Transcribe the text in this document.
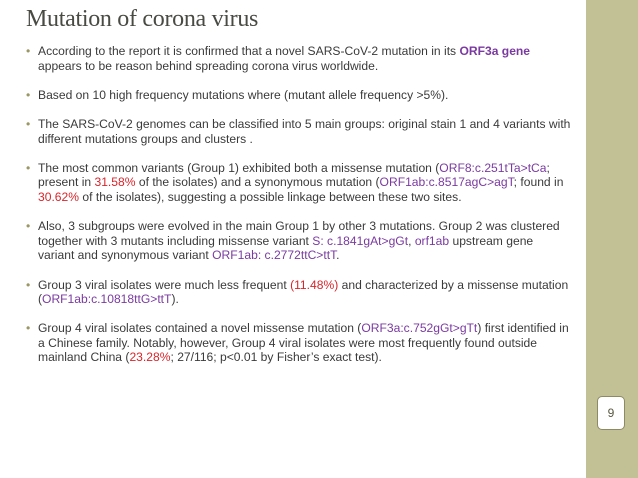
Mutation of corona virus
• According to the report it is confirmed that a novel SARS-CoV-2 mutation in its ORF3a gene appears to be reason behind spreading corona virus worldwide.
• Based on 10 high frequency mutations where (mutant allele frequency >5%).
• The SARS-CoV-2 genomes can be classified into 5 main groups: original stain 1 and 4 variants with different mutations groups and clusters .
• The most common variants (Group 1) exhibited both a missense mutation (ORF8:c.251tTa>tCa; present in 31.58% of the isolates) and a synonymous mutation (ORF1ab:c.8517agC>agT; found in 30.62% of the isolates), suggesting a possible linkage between these two sites.
• Also, 3 subgroups were evolved in the main Group 1 by other 3 mutations. Group 2 was clustered together with 3 mutants including missense variant S: c.1841gAt>gGt, orf1ab upstream gene variant and synonymous variant ORF1ab: c.2772ttC>ttT.
• Group 3 viral isolates were much less frequent (11.48%) and characterized by a missense mutation (ORF1ab:c.10818ttG>ttT).
• Group 4 viral isolates contained a novel missense mutation (ORF3a:c.752gGt>gTt) first identified in a Chinese family. Notably, however, Group 4 viral isolates were most frequently found outside mainland China (23.28%; 27/116; p<0.01 by Fisher’s exact test).
9
